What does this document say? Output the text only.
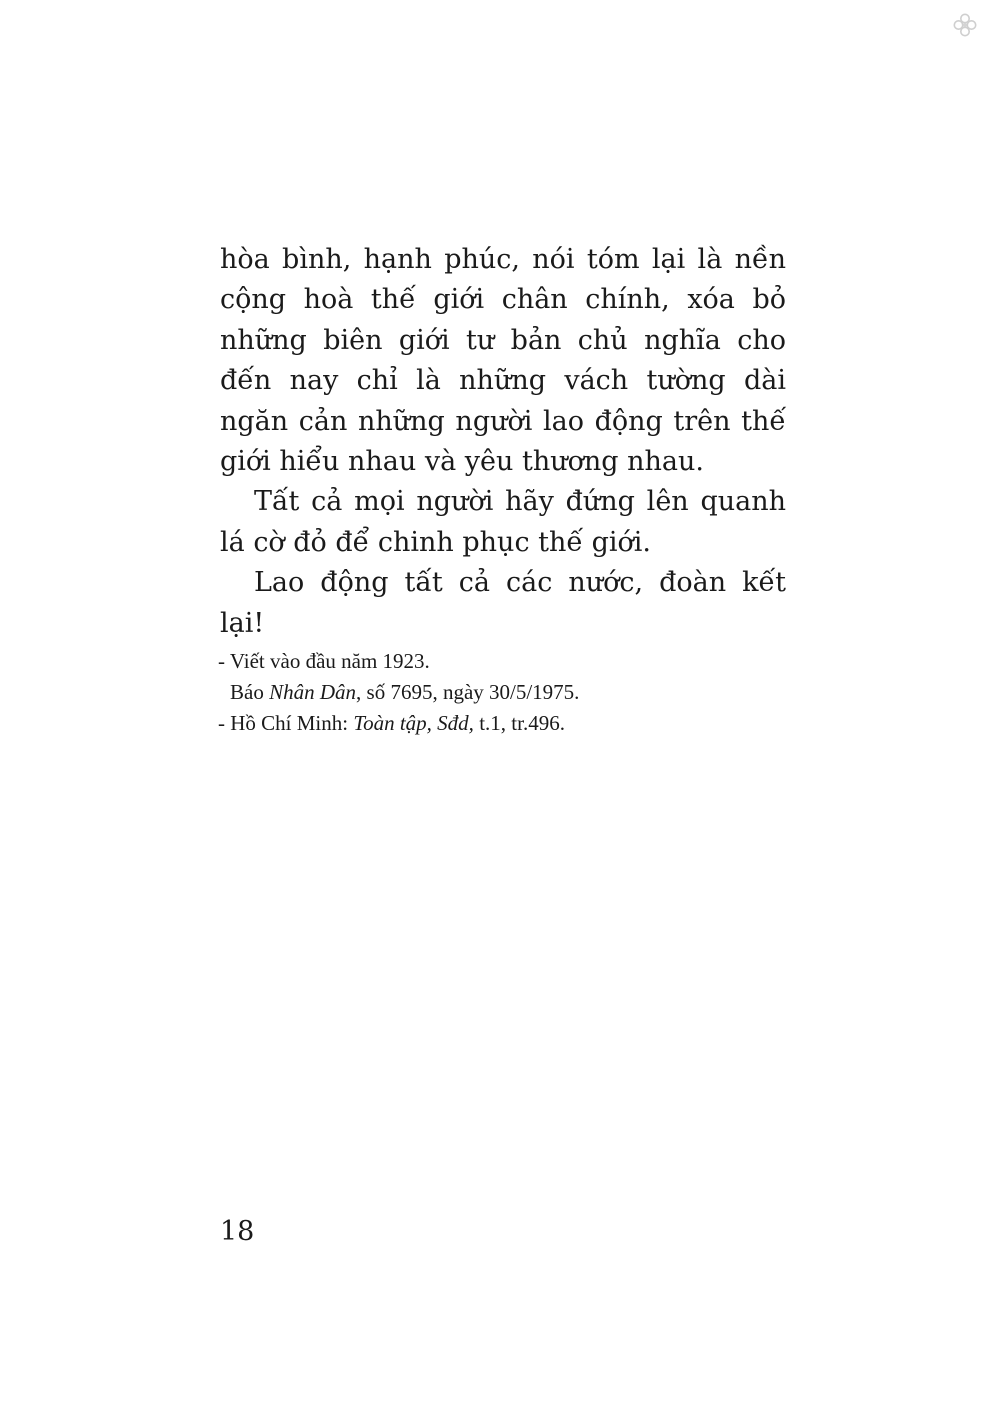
hòa bình, hạnh phúc, nói tóm lại là nền cộng hoà thế giới chân chính, xóa bỏ những biên giới tư bản chủ nghĩa cho đến nay chỉ là những vách tường dài ngăn cản những người lao động trên thế giới hiểu nhau và yêu thương nhau.

Tất cả mọi người hãy đứng lên quanh lá cờ đỏ để chinh phục thế giới.

Lao động tất cả các nước, đoàn kết lại!

- Viết vào đầu năm 1923.

Báo Nhân Dân, số 7695, ngày 30/5/1975.

- Hồ Chí Minh: Toàn tập, Sđd, t.1, tr.496.

18
